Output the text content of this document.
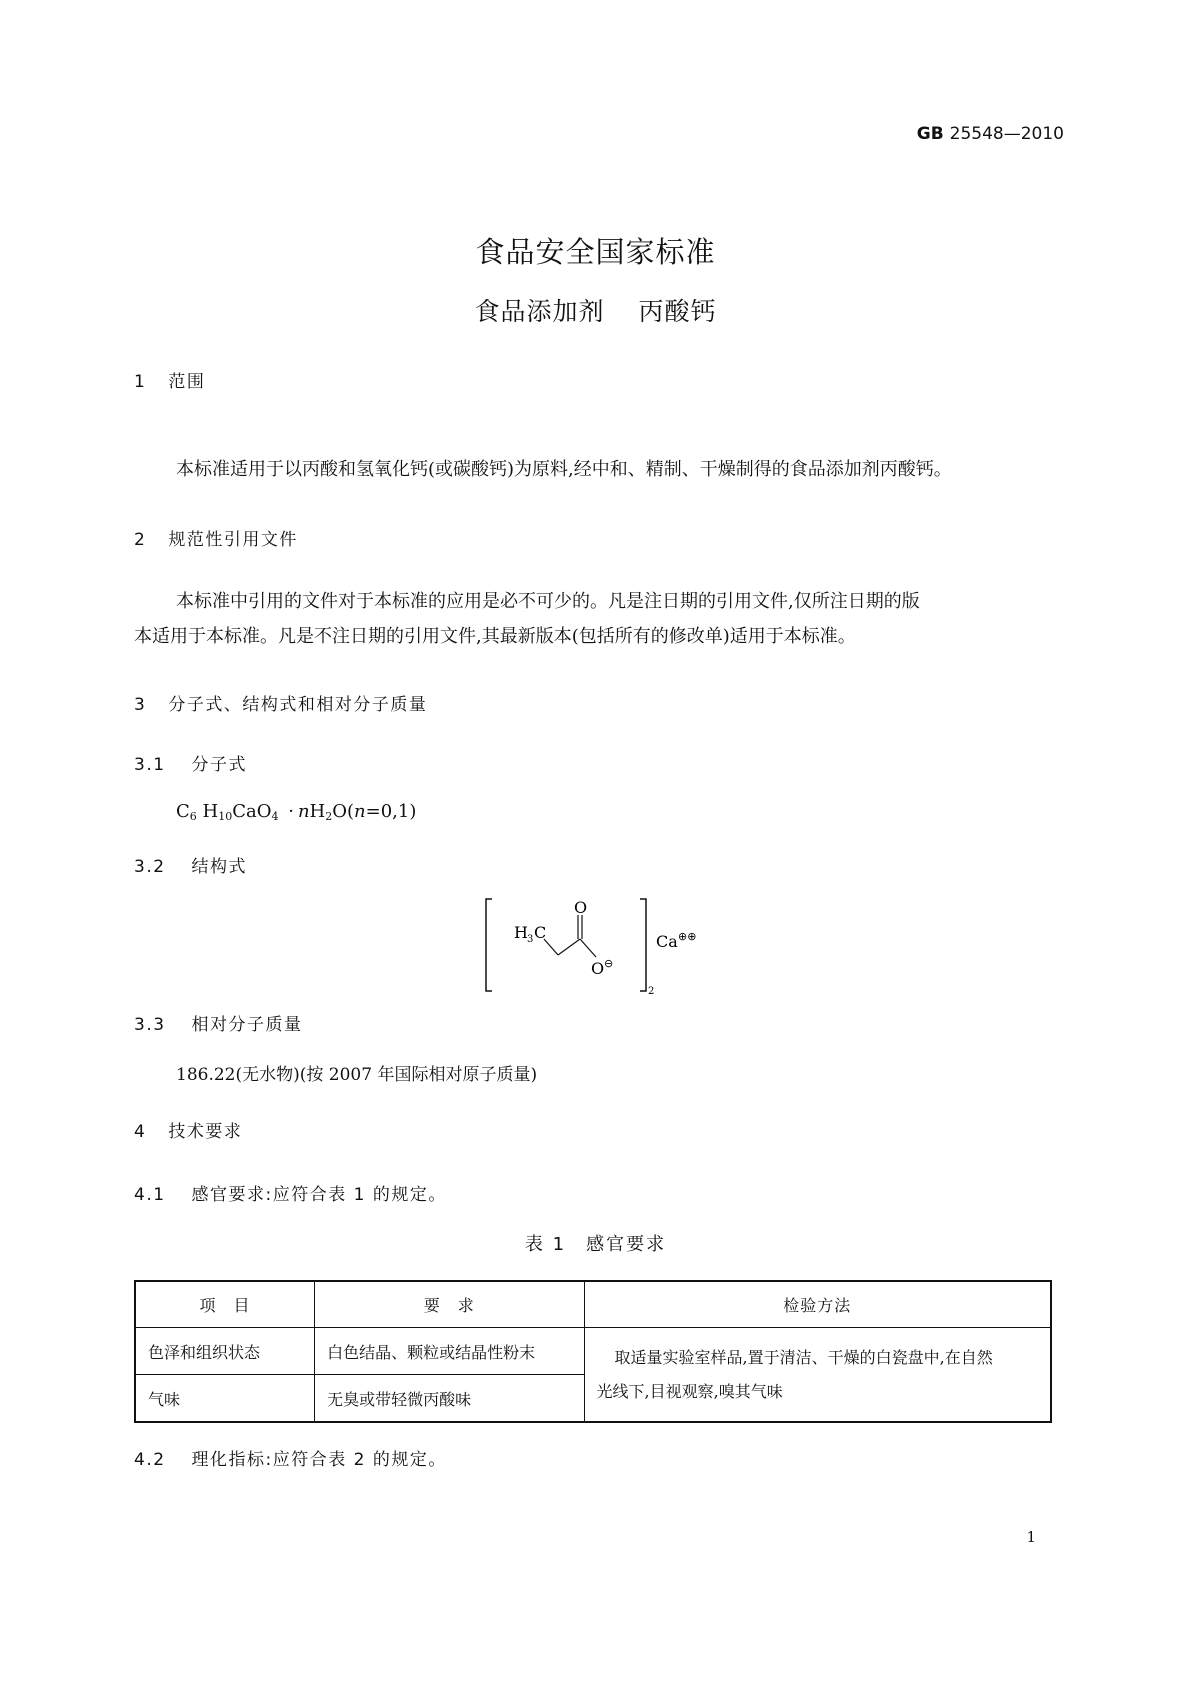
GB 25548—2010
食品安全国家标准
食品添加剂 丙酸钙
1 范围
本标准适用于以丙酸和氢氧化钙(或碳酸钙)为原料,经中和、精制、干燥制得的食品添加剂丙酸钙。
2 规范性引用文件
本标准中引用的文件对于本标准的应用是必不可少的。凡是注日期的引用文件,仅所注日期的版
本适用于本标准。凡是不注日期的引用文件,其最新版本(包括所有的修改单)适用于本标准。
3 分子式、结构式和相对分子质量
3.1 分子式
$C_6$ $H_{10}CaO_4 \cdot nH_2O(n=0,1)$
3.2 结构式
O
H 3 C
O ⊖
2
Ca ⊕⊕
3.3 相对分子质量
186.22(无水物)(按 2007 年国际相对原子质量)
4 技术要求
4.1 感官要求:应符合表 1 的规定。
表 1　感官要求
项　目	要　求	检验方法
色泽和组织状态	白色结晶、颗粒或结晶性粉末	取适量实验室样品,置于清洁、干燥的白瓷盘中,在自然
光线下,目视观察,嗅其气味

气味	无臭或带轻微丙酸味	
4.2 理化指标:应符合表 2 的规定。
1
